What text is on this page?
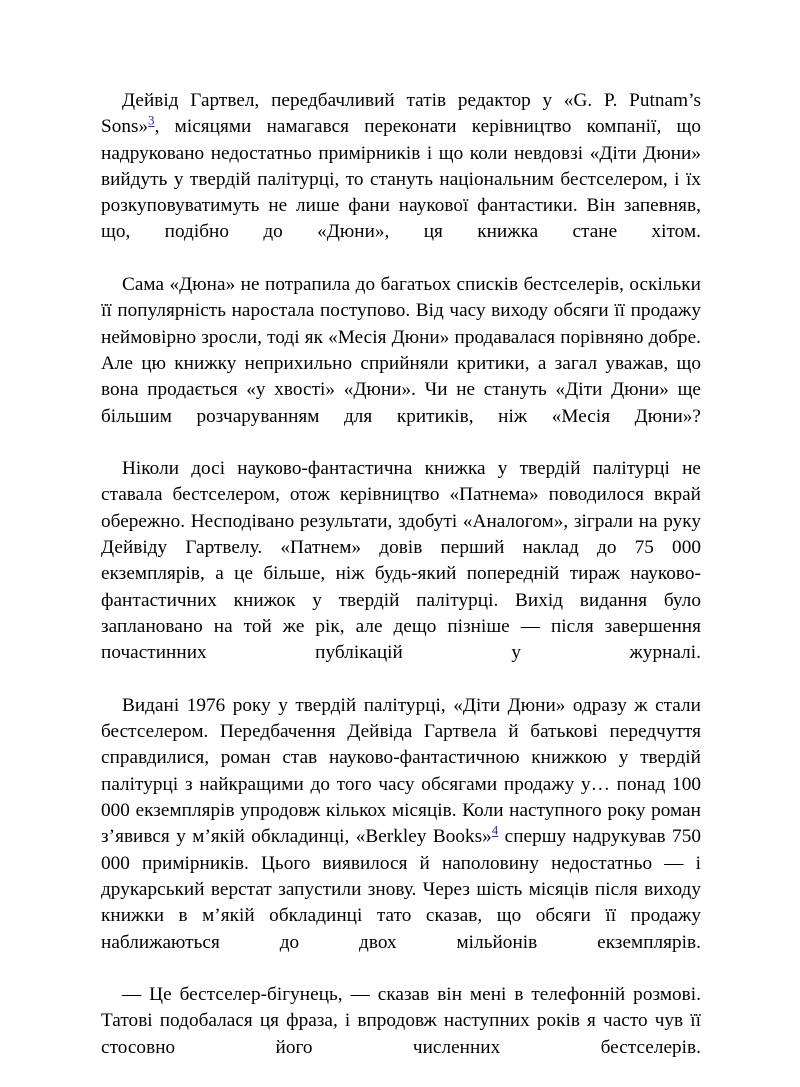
Дейвід Гартвел, передбачливий татів редактор у «G. P. Putnam’s Sons»$^3$, місяцями намагався переконати керівництво компанії, що надруковано недостатньо примірників і що коли невдовзі «Діти Дюни» вийдуть у твердій палітурці, то стануть національним бестселером, і їх розкуповуватимуть не лише фани наукової фантастики. Він запевняв, що, подібно до «Дюни», ця книжка стане хітом.

Сама «Дюна» не потрапила до багатьох списків бестселерів, оскільки її популярність наростала поступово. Від часу виходу обсяги її продажу неймовірно зросли, тоді як «Месія Дюни» продавалася порівняно добре. Але цю книжку неприхильно сприйняли критики, а загал уважав, що вона продається «у хвості» «Дюни». Чи не стануть «Діти Дюни» ще більшим розчаруванням для критиків, ніж «Месія Дюни»?

Ніколи досі науково-фантастична книжка у твердій палітурці не ставала бестселером, отож керівництво «Патнема» поводилося вкрай обережно. Несподівано результати, здобуті «Аналогом», зіграли на руку Дейвіду Гартвелу. «Патнем» довів перший наклад до 75 000 екземплярів, а це більше, ніж будь-який попередній тираж науково-фантастичних книжок у твердій палітурці. Вихід видання було заплановано на той же рік, але дещо пізніше — після завершення почастинних публікацій у журналі.

Видані 1976 року у твердій палітурці, «Діти Дюни» одразу ж стали бестселером. Передбачення Дейвіда Гартвела й батькові передчуття справдилися, роман став науково-фантастичною книжкою у твердій палітурці з найкращими до того часу обсягами продажу у… понад 100 000 екземплярів упродовж кількох місяців. Коли наступного року роман з’явився у м’якій обкладинці, «Berkley Books»$^4$ спершу надрукував 750 000 примірників. Цього виявилося й наполовину недостатньо — і друкарський верстат запустили знову. Через шість місяців після виходу книжки в м’якій обкладинці тато сказав, що обсяги її продажу наближаються до двох мільйонів екземплярів.

— Це бестселер-бігунець, — сказав він мені в телефонній розмові. Татові подобалася ця фраза, і впродовж наступних років я часто чув її стосовно його численних бестселерів.
